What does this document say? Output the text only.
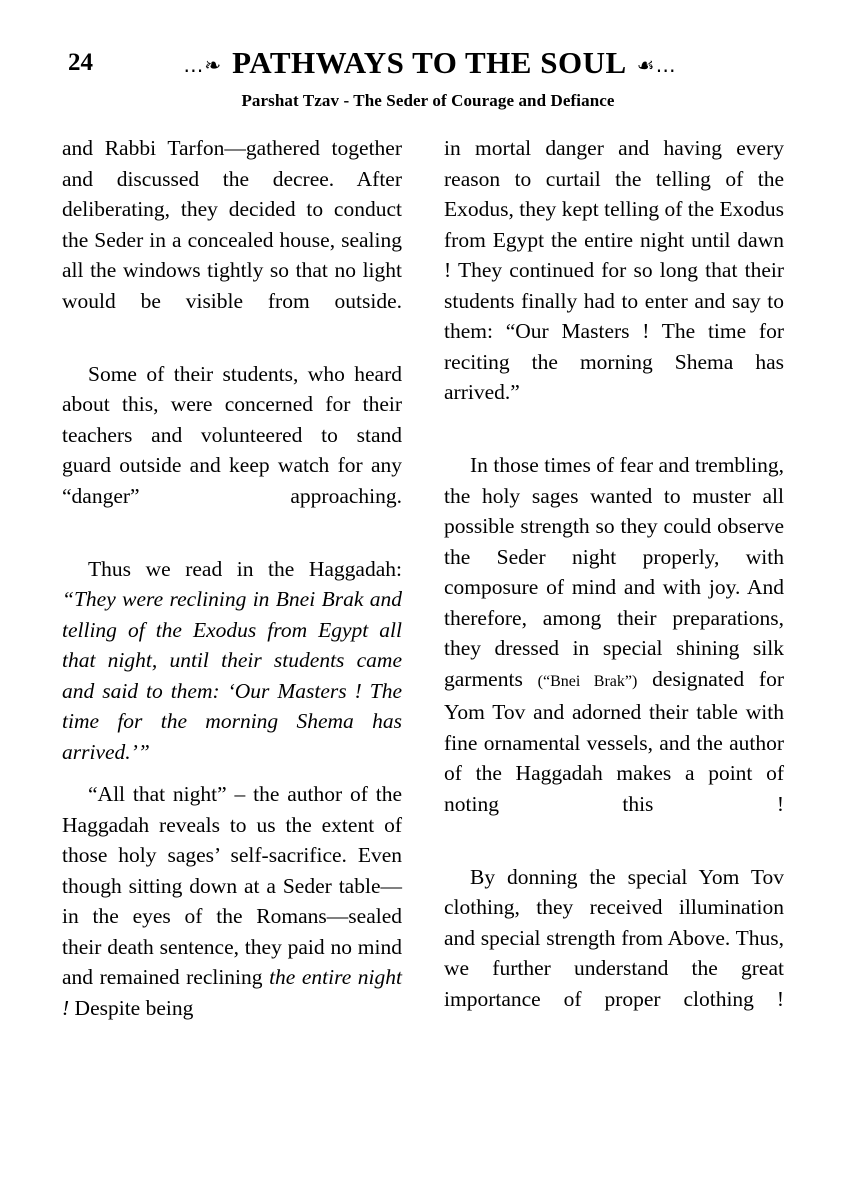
24	…❧ PATHWAYS TO THE SOUL ☙…
Parshat Tzav - The Seder of Courage and Defiance

and Rabbi Tarfon—gathered together and discussed the decree. After deliberating, they decided to conduct the Seder in a concealed house, sealing all the windows tightly so that no light would be visible from outside.

Some of their students, who heard about this, were concerned for their teachers and volunteered to stand guard outside and keep watch for any “danger” approaching.

Thus we read in the Haggadah: “They were reclining in Bnei Brak and telling of the Exodus from Egypt all that night, until their students came and said to them: ‘Our Masters ! The time for the morning Shema has arrived.’”

“All that night” – the author of the Haggadah reveals to us the extent of those holy sages’ self-sacrifice. Even though sitting down at a Seder table—in the eyes of the Romans—sealed their death sentence, they paid no mind and remained reclining the entire night ! Despite being

in mortal danger and having every reason to curtail the telling of the Exodus, they kept telling of the Exodus from Egypt the entire night until dawn ! They continued for so long that their students finally had to enter and say to them: “Our Masters ! The time for reciting the morning Shema has arrived.”

In those times of fear and trembling, the holy sages wanted to muster all possible strength so they could observe the Seder night properly, with composure of mind and with joy. And therefore, among their preparations, they dressed in special shining silk garments (“Bnei Brak”) designated for Yom Tov and adorned their table with fine ornamental vessels, and the author of the Haggadah makes a point of noting this !

By donning the special Yom Tov clothing, they received illumination and special strength from Above. Thus, we further understand the great importance of proper clothing !
